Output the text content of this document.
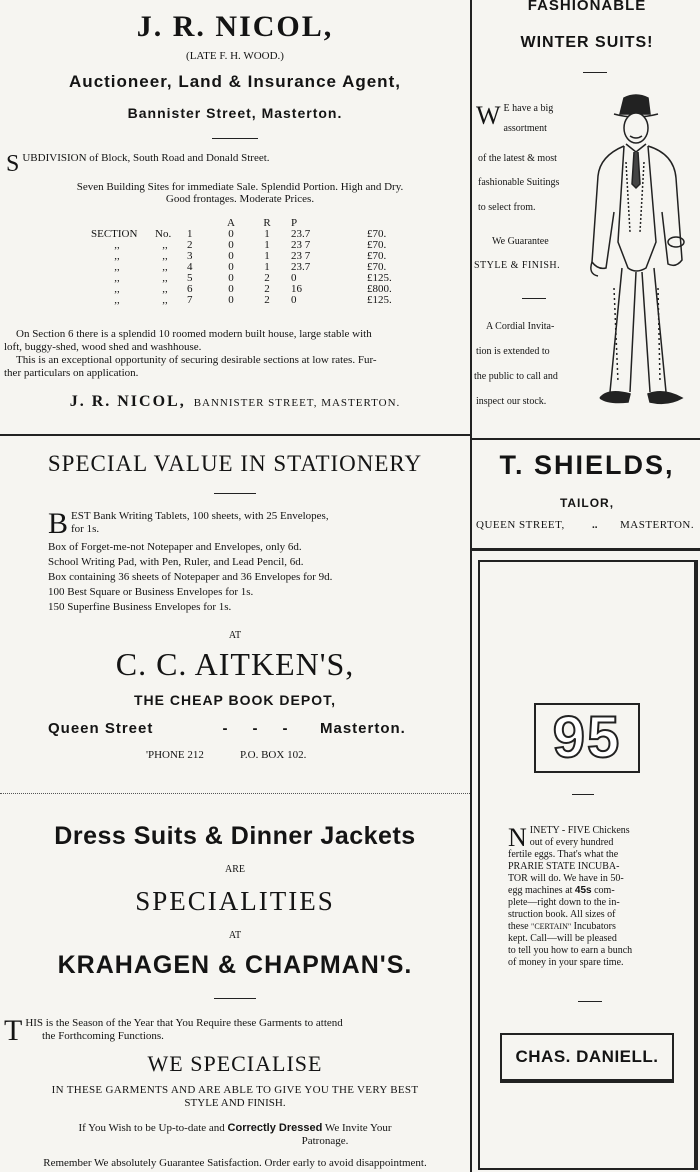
J. R. NICOL,
(LATE F. H. WOOD.)
Auctioneer, Land & Insurance Agent,
Bannister Street, Masterton.
SUBDIVISION of Block, South Road and Donald Street.
Seven Building Sites for immediate Sale. Splendid Portion. High and Dry.
Good frontages. Moderate Prices.
			A	R	P	
SECTION	No.	1	0	1	23.7	£70.
,,	,,	2	0	1	23 7	£70.
,,	,,	3	0	1	23 7	£70.
,,	,,	4	0	1	23.7	£70.
,,	,,	5	0	2	0	£125.
,,	,,	6	0	2	16	£800.
,,	,,	7	0	2	0	£125.
On Section 6 there is a splendid 10 roomed modern built house, large stable with
loft, buggy-shed, wood shed and washhouse.
This is an exceptional opportunity of securing desirable sections at low rates. Fur-
ther particulars on application.
J. R. NICOL, BANNISTER STREET, MASTERTON.
SPECIAL VALUE IN STATIONERY
B EST Bank Writing Tablets, 100 sheets, with 25 Envelopes,
for 1s.
Box of Forget-me-not Notepaper and Envelopes, only 6d.
School Writing Pad, with Pen, Ruler, and Lead Pencil, 6d.
Box containing 36 sheets of Notepaper and 36 Envelopes for 9d.
100 Best Square or Business Envelopes for 1s.
150 Superfine Business Envelopes for 1s.
AT
C. C. AITKEN'S,
THE CHEAP BOOK DEPOT,
Queen Street	-      -      -	Masterton.
'PHONE 212	P.O. BOX 102.
Dress Suits & Dinner Jackets
ARE
SPECIALITIES
AT
KRAHAGEN & CHAPMAN'S.
T HIS is the Season of the Year that You Require these Garments to attend
the Forthcoming Functions.
WE SPECIALISE
IN THESE GARMENTS AND ARE ABLE TO GIVE YOU THE VERY BEST
STYLE AND FINISH.
If You Wish to be Up-to-date and Correctly Dressed We Invite Your
Patronage.
Remember We absolutely Guarantee Satisfaction. Order early to avoid disappointment.
FASHIONABLE
WINTER SUITS!
W E have a big
assortment
of the latest & most
fashionable Suitings
to select from.
We Guarantee
STYLE & FINISH.
A Cordial Invita-
tion is extended to
the public to call and
inspect our stock.
T. SHIELDS,
TAILOR,
QUEEN STREET, .. MASTERTON.
95
N INETY - FIVE Chickens
out of every hundred
fertile eggs. That's what the
PRARIE STATE INCUBA-
TOR will do. We have in 50-
egg machines at 45s com-
plete—right down to the in-
struction book. All sizes of
these "CERTAIN" Incubators
kept. Call—will be pleased
to tell you how to earn a bunch
of money in your spare time.
CHAS. DANIELL.
